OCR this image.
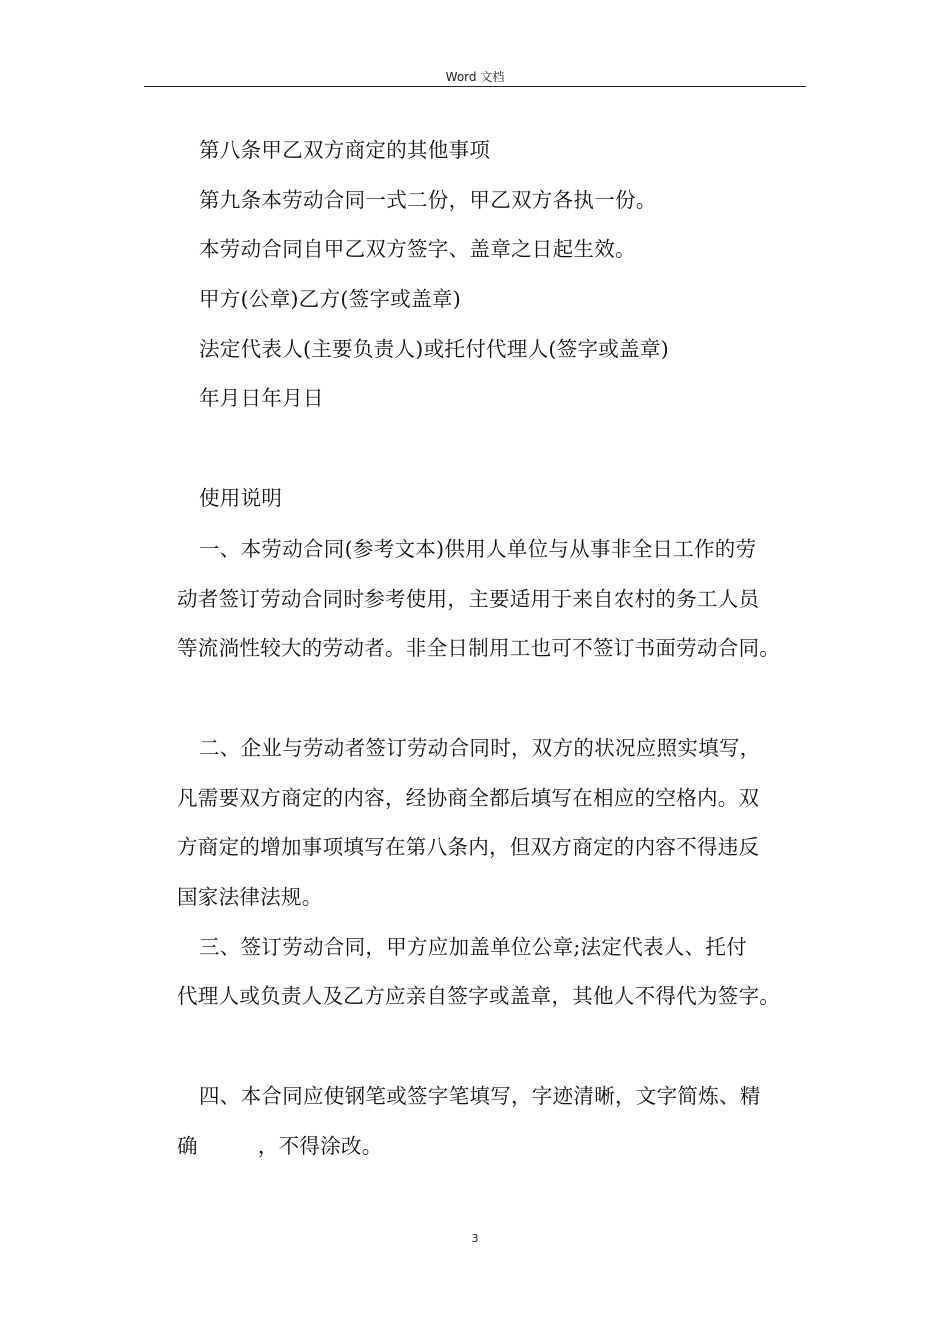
Word 文档
第八条甲乙双方商定的其他事项
第九条本劳动合同一式二份，甲乙双方各执一份。
本劳动合同自甲乙双方签字、盖章之日起生效。
甲方(公章)乙方(签字或盖章)
法定代表人(主要负责人)或托付代理人(签字或盖章)
年月日年月日
使用说明
一、本劳动合同(参考文本)供用人单位与从事非全日工作的劳
动者签订劳动合同时参考使用，主要适用于来自农村的务工人员
等流淌性较大的劳动者。非全日制用工也可不签订书面劳动合同。
二、企业与劳动者签订劳动合同时，双方的状况应照实填写，
凡需要双方商定的内容，经协商全都后填写在相应的空格内。双
方商定的增加事项填写在第八条内，但双方商定的内容不得违反
国家法律法规。
三、签订劳动合同，甲方应加盖单位公章;法定代表人、托付
代理人或负责人及乙方应亲自签字或盖章，其他人不得代为签字。
四、本合同应使钢笔或签字笔填写，字迹清晰，文字简炼、精
确	，不得涂改。
3
